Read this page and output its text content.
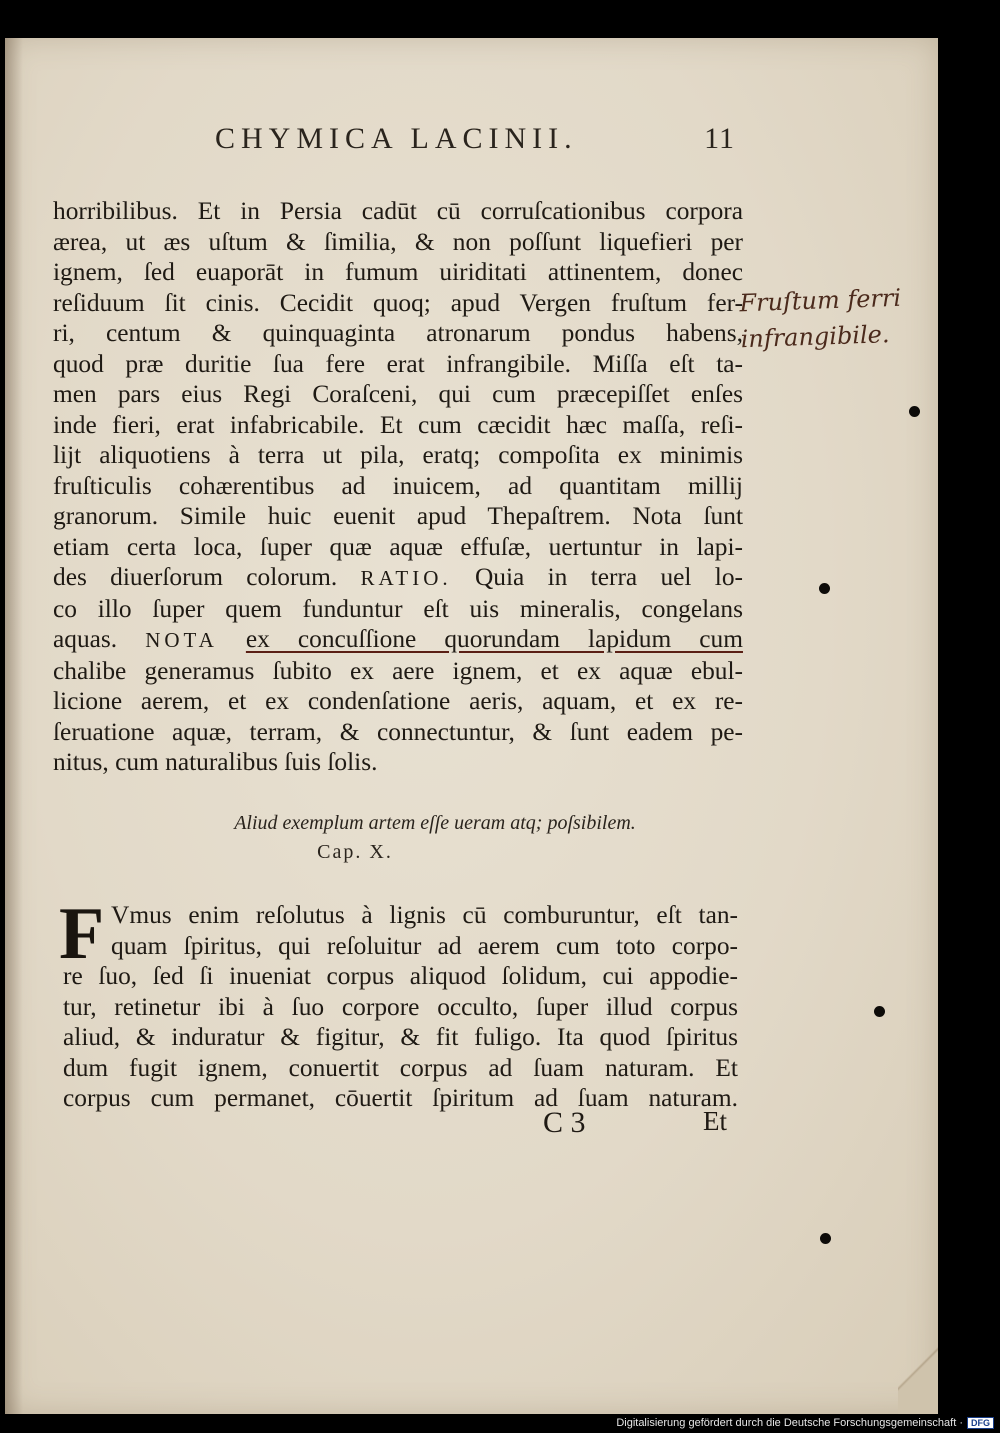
CHYMICA LACINII.	11
horribilibus. Et in Persia cadūt cū corruſcationibus corpora
ærea, ut æs uſtum & ſimilia, & non poſſunt liquefieri per
ignem, ſed euaporāt in fumum uiriditati attinentem, donec
reſiduum ſit cinis. Cecidit quoq; apud Vergen fruſtum fer-
ri, centum & quinquaginta atronarum pondus habens,
quod præ duritie ſua fere erat infrangibile. Miſſa eſt ta-
men pars eius Regi Coraſceni, qui cum præcepiſſet enſes
inde fieri, erat infabricabile. Et cum cæcidit hæc maſſa, reſi-
lijt aliquotiens à terra ut pila, eratq; compoſita ex minimis
fruſticulis cohærentibus ad inuicem, ad quantitam millij
granorum. Simile huic euenit apud Thepaſtrem. Nota ſunt
etiam certa loca, ſuper quæ aquæ effuſæ, uertuntur in lapi-
des diuerſorum colorum. RATIO. Quia in terra uel lo-
co illo ſuper quem funduntur eſt uis mineralis, congelans
aquas. NOTA ex concuſſione quorundam lapidum cum
chalibe generamus ſubito ex aere ignem, et ex aquæ ebul-
licione aerem, et ex condenſatione aeris, aquam, et ex re-
ſeruatione aquæ, terram, & connectuntur, & ſunt eadem pe-
nitus, cum naturalibus ſuis ſolis.
Fruſtum ferri
infrangibile.
Aliud exemplum artem eſſe ueram atq; poſsibilem.
Cap. X.
F Vmus enim reſolutus à lignis cū comburuntur, eſt tan-
quam ſpiritus, qui reſoluitur ad aerem cum toto corpo-
re ſuo, ſed ſi inueniat corpus aliquod ſolidum, cui appodie-
tur, retinetur ibi à ſuo corpore occulto, ſuper illud corpus
aliud, & induratur & figitur, & fit fuligo. Ita quod ſpiritus
dum fugit ignem, conuertit corpus ad ſuam naturam. Et
corpus cum permanet, cōuertit ſpiritum ad ſuam naturam.
C 3	Et
Digitalisierung gefördert durch die Deutsche Forschungsgemeinschaft · DFG
